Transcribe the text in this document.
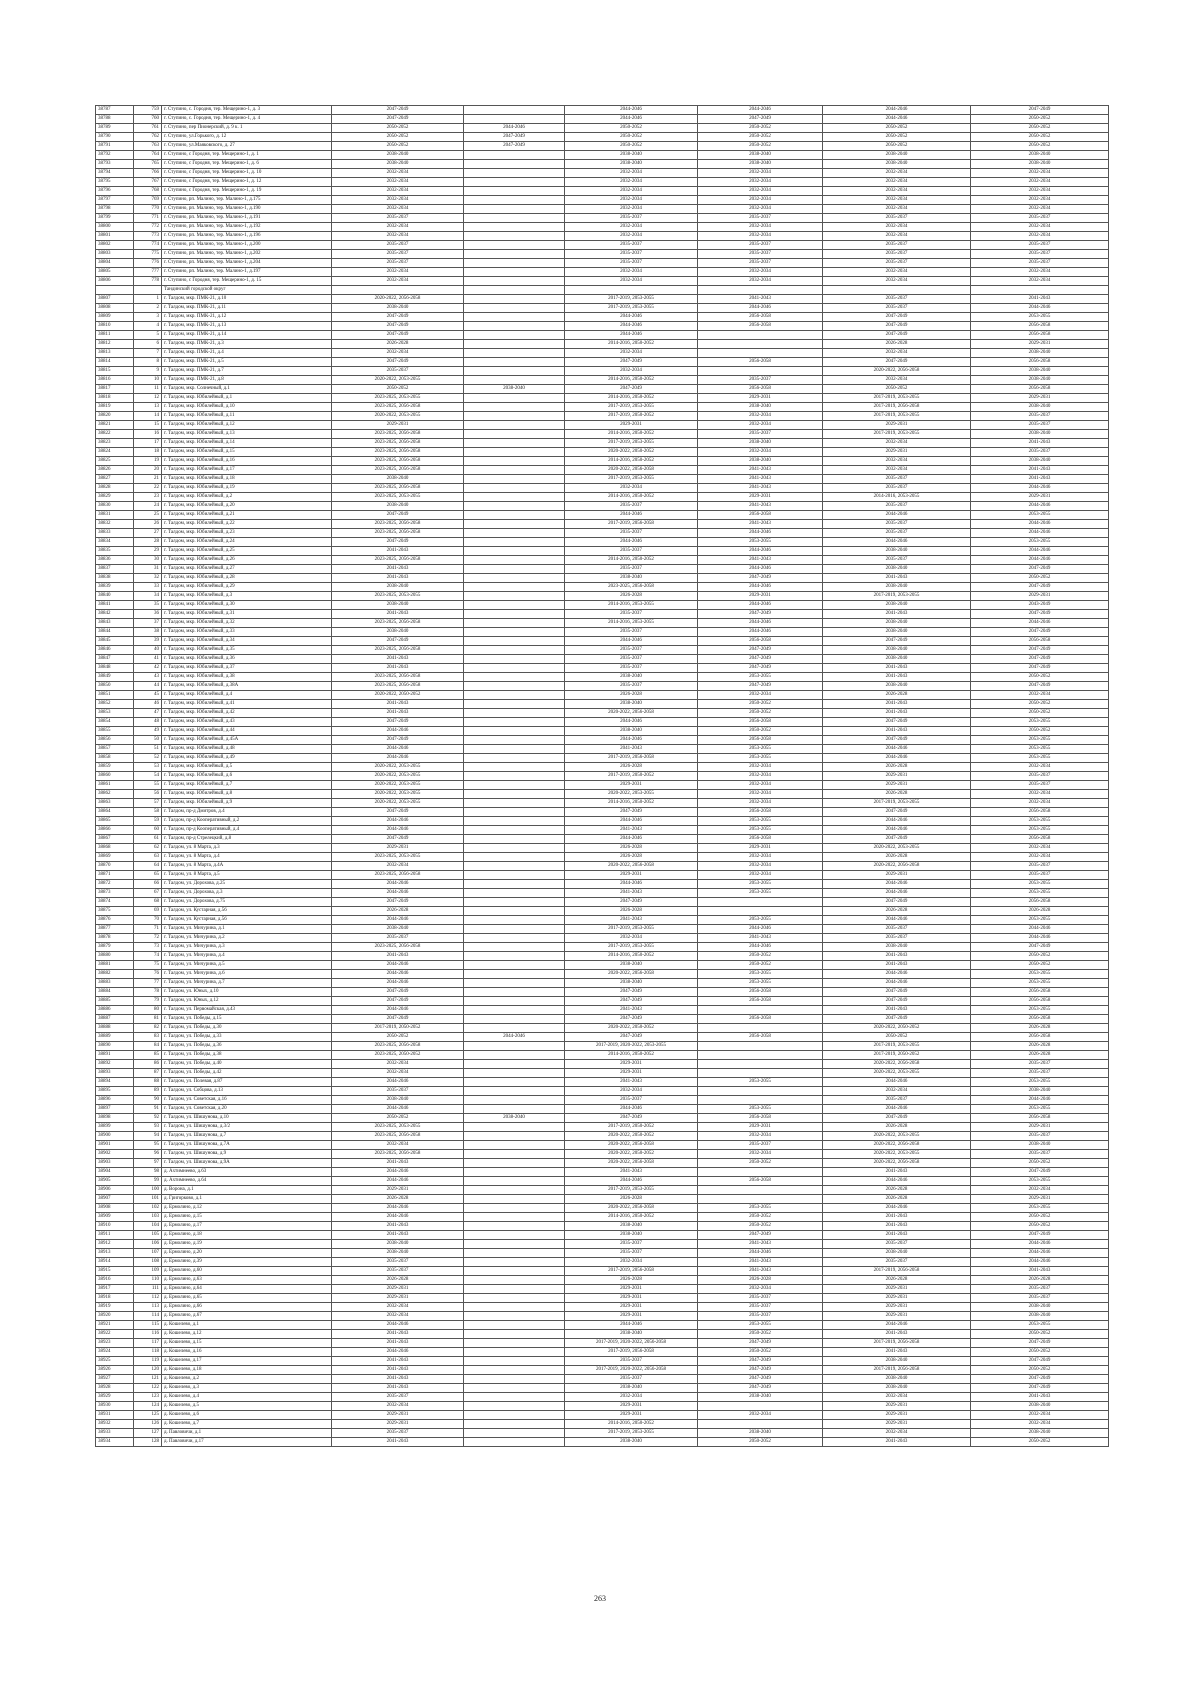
38787	759	г. Ступино, с. Городня, тер. Мещерино-1, д. 3	2047-2049		2044-2046	2044-2046	2044-2046	2047-2049
38788	760	г. Ступино, с. Городня, тер. Мещерино-1, д. 4	2047-2049		2044-2046	2047-2049	2044-2046	2050-2052
38789	761	г. Ступино, пер Пионерский, д. 9 к. 1	2050-2052	2044-2046	2050-2052	2050-2052	2050-2052	2050-2052
38790	762	г. Ступино, ул.Горького, д. 12	2050-2052	2047-2049	2050-2052	2050-2052	2050-2052	2050-2052
38791	763	г. Ступино, ул.Маяковского, д. 27	2050-2052	2047-2049	2050-2052	2050-2052	2050-2052	2050-2052
38792	764	г. Ступино, с Городня, тер. Мещерино-1, д. 1	2038-2040		2038-2040	2038-2040	2038-2040	2038-2040
38793	765	г. Ступино, с Городня, тер. Мещерино-1, д. 6	2038-2040		2038-2040	2038-2040	2038-2040	2038-2040
38794	766	г. Ступино, с Городня, тер. Мещерино-1, д. 10	2032-2034		2032-2034	2032-2034	2032-2034	2032-2034
38795	767	г. Ступино, с Городня, тер. Мещерино-1, д. 12	2032-2034		2032-2034	2032-2034	2032-2034	2032-2034
38796	768	г. Ступино, с Городня, тер. Мещерино-1, д. 19	2032-2034		2032-2034	2032-2034	2032-2034	2032-2034
38797	769	г. Ступино, рп. Малино, тер. Малино-1, д.175	2032-2034		2032-2034	2032-2034	2032-2034	2032-2034
38798	770	г. Ступино, рп. Малино, тер. Малино-1, д.190	2032-2034		2032-2034	2032-2034	2032-2034	2032-2034
38799	771	г. Ступино, рп. Малино, тер. Малино-1, д.191	2035-2037		2035-2037	2035-2037	2035-2037	2035-2037
38800	772	г. Ступино, рп. Малино, тер. Малино-1, д.192	2032-2034		2032-2034	2032-2034	2032-2034	2032-2034
38801	773	г. Ступино, рп. Малино, тер. Малино-1, д.196	2032-2034		2032-2034	2032-2034	2032-2034	2032-2034
38802	774	г. Ступино, рп. Малино, тер. Малино-1, д.200	2035-2037		2035-2037	2035-2037	2035-2037	2035-2037
38803	775	г. Ступино, рп. Малино, тер. Малино-1, д.202	2035-2037		2035-2037	2035-2037	2035-2037	2035-2037
38804	776	г. Ступино, рп. Малино, тер. Малино-1, д.204	2035-2037		2035-2037	2035-2037	2035-2037	2035-2037
38805	777	г. Ступино, рп. Малино, тер. Малино-1, д.197	2032-2034		2032-2034	2032-2034	2032-2034	2032-2034
38806	778	г. Ступино, с Городня, тер. Мещерино-1, д. 15	2032-2034		2032-2034	2032-2034	2032-2034	2032-2034
		Тандинский городской округ						
38807	1	г. Талдом, мкр. ПМК-21, д.10	2020-2022, 2056-2058		2017-2019, 2053-2055	2041-2043	2035-2037	2041-2043
38808	2	г. Талдом, мкр. ПМК-21, д.11	2038-2040		2017-2019, 2053-2055	2044-2046	2035-2037	2044-2046
38809	3	г. Талдом, мкр. ПМК-21, д.12	2047-2049		2044-2046	2056-2058	2047-2049	2053-2055
38810	4	г. Талдом, мкр. ПМК-21, д.13	2047-2049		2044-2046	2056-2058	2047-2049	2056-2058
38811	5	г. Талдом, мкр. ПМК-21, д.14	2047-2049		2044-2046		2047-2049	2056-2058
38812	6	г. Талдом, мкр. ПМК-21, д.3	2026-2028		2014-2016, 2050-2052		2026-2028	2029-2031
38813	7	г. Талдом, мкр. ПМК-21, д.4	2032-2034		2032-2034		2032-2034	2038-2040
38814	8	г. Талдом, мкр. ПМК-21, д.5	2047-2049		2047-2049	2056-2058	2047-2049	2056-2058
38815	9	г. Талдом, мкр. ПМК-21, д.7	2035-2037		2032-2034		2020-2022, 2056-2058	2038-2040
38816	10	г. Талдом, мкр. ПМК-21, д.8	2020-2022, 2053-2055		2014-2016, 2050-2052	2035-2037	2032-2034	2038-2040
38817	11	г. Талдом, мкр. Солнечный, д.1	2050-2052	2038-2040	2047-2049	2056-2058	2050-2052	2056-2058
38818	12	г. Талдом, мкр. Юбилейный, д.1	2023-2025, 2053-2055		2014-2016, 2050-2052	2029-2031	2017-2019, 2053-2055	2029-2031
38819	13	г. Талдом, мкр. Юбилейный, д.10	2023-2025, 2056-2058		2017-2019, 2053-2055	2038-2040	2017-2019, 2056-2058	2038-2040
38820	14	г. Талдом, мкр. Юбилейный, д.11	2020-2022, 2053-2055		2017-2019, 2050-2052	2032-2034	2017-2019, 2053-2055	2035-2037
38821	15	г. Талдом, мкр. Юбилейный, д.12	2029-2031		2029-2031	2032-2034	2029-2031	2035-2037
38822	16	г. Талдом, мкр. Юбилейный, д.13	2023-2025, 2056-2058		2014-2016, 2050-2052	2035-2037	2017-2019, 2053-2055	2038-2040
38823	17	г. Талдом, мкр. Юбилейный, д.14	2023-2025, 2056-2058		2017-2019, 2053-2055	2038-2040	2032-2034	2041-2043
38824	18	г. Талдом, мкр. Юбилейный, д.15	2023-2025, 2056-2058		2020-2022, 2050-2052	2032-2034	2029-2031	2035-2037
38825	19	г. Талдом, мкр. Юбилейный, д.16	2023-2025, 2056-2058		2014-2016, 2050-2052	2038-2040	2032-2034	2038-2040
38826	20	г. Талдом, мкр. Юбилейный, д.17	2023-2025, 2056-2058		2020-2022, 2056-2058	2041-2043	2032-2034	2041-2043
38827	21	г. Талдом, мкр. Юбилейный, д.18	2038-2040		2017-2019, 2053-2055	2041-2043	2035-2037	2041-2043
38828	22	г. Талдом, мкр. Юбилейный, д.19	2023-2025, 2056-2058		2032-2034	2041-2043	2035-2037	2044-2046
38829	23	г. Талдом, мкр. Юбилейный, д.2	2023-2025, 2053-2055		2014-2016, 2050-2052	2029-2031	2014-2016, 2053-2055	2029-2031
38830	24	г. Талдом, мкр. Юбилейный, д.20	2038-2040		2035-2037	2041-2043	2035-2037	2044-2046
38831	25	г. Талдом, мкр. Юбилейный, д.21	2047-2049		2044-2046	2056-2058	2044-2046	2053-2055
38832	26	г. Талдом, мкр. Юбилейный, д.22	2023-2025, 2056-2058		2017-2019, 2056-2058	2041-2043	2035-2037	2044-2046
38833	27	г. Талдом, мкр. Юбилейный, д.23	2023-2025, 2056-2058		2035-2037	2044-2046	2035-2037	2044-2046
38834	28	г. Талдом, мкр. Юбилейный, д.24	2047-2049		2044-2046	2053-2055	2044-2046	2053-2055
38835	29	г. Талдом, мкр. Юбилейный, д.25	2041-2043		2035-2037	2044-2046	2038-2040	2044-2046
38836	30	г. Талдом, мкр. Юбилейный, д.26	2023-2025, 2056-2058		2014-2016, 2050-2052	2041-2043	2035-2037	2044-2046
38837	31	г. Талдом, мкр. Юбилейный, д.27	2041-2043		2035-2037	2044-2046	2038-2040	2047-2049
38838	32	г. Талдом, мкр. Юбилейный, д.28	2041-2043		2038-2040	2047-2049	2041-2043	2050-2052
38839	33	г. Талдом, мкр. Юбилейный, д.29	2038-2040		2023-2025, 2056-2058	2044-2046	2038-2040	2047-2049
38840	34	г. Талдом, мкр. Юбилейный, д.3	2023-2025, 2053-2055		2026-2028	2029-2031	2017-2019, 2053-2055	2029-2031
38841	35	г. Талдом, мкр. Юбилейный, д.30	2038-2040		2014-2016, 2053-2055	2044-2046	2038-2040	2043-2049
38842	36	г. Талдом, мкр. Юбилейный, д.31	2041-2043		2035-2037	2047-2049	2041-2043	2047-2049
38843	37	г. Талдом, мкр. Юбилейный, д.32	2023-2025, 2056-2058		2014-2016, 2053-2055	2044-2046	2038-2040	2044-2046
38844	38	г. Талдом, мкр. Юбилейный, д.33	2038-2040		2035-2037	2044-2046	2038-2040	2047-2049
38845	39	г. Талдом, мкр. Юбилейный, д.34	2047-2049		2044-2046	2056-2058	2047-2049	2056-2058
38846	40	г. Талдом, мкр. Юбилейный, д.35	2023-2025, 2056-2058		2035-2037	2047-2049	2038-2040	2047-2049
38847	41	г. Талдом, мкр. Юбилейный, д.36	2041-2043		2035-2037	2047-2049	2038-2040	2047-2049
38848	42	г. Талдом, мкр. Юбилейный, д.37	2041-2043		2035-2037	2047-2049	2041-2043	2047-2049
38849	43	г. Талдом, мкр. Юбилейный, д.38	2023-2025, 2056-2058		2038-2040	2053-2055	2041-2043	2050-2052
38850	44	г. Талдом, мкр. Юбилейный, д.38А	2023-2025, 2056-2058		2035-2037	2047-2049	2038-2040	2047-2049
38851	45	г. Талдом, мкр. Юбилейный, д.4	2020-2022, 2050-2052		2026-2028	2032-2034	2026-2028	2032-2034
38852	46	г. Талдом, мкр. Юбилейный, д.41	2041-2043		2038-2040	2050-2052	2041-2043	2050-2052
38853	47	г. Талдом, мкр. Юбилейный, д.42	2041-2043		2020-2022, 2056-2058	2050-2052	2041-2043	2050-2052
38854	48	г. Талдом, мкр. Юбилейный, д.43	2047-2049		2044-2046	2056-2058	2047-2049	2053-2055
38855	49	г. Талдом, мкр. Юбилейный, д.44	2044-2046		2038-2040	2050-2052	2041-2043	2050-2052
38856	50	г. Талдом, мкр. Юбилейный, д.45А	2047-2049		2044-2046	2056-2058	2047-2049	2053-2055
38857	51	г. Талдом, мкр. Юбилейный, д.48	2044-2046		2041-2043	2053-2055	2044-2046	2053-2055
38858	52	г. Талдом, мкр. Юбилейный, д.49	2044-2046		2017-2019, 2056-2058	2053-2055	2044-2046	2053-2055
38859	53	г. Талдом, мкр. Юбилейный, д.5	2020-2022, 2053-2055		2026-2028	2032-2034	2026-2028	2032-2034
38860	54	г. Талдом, мкр. Юбилейный, д.6	2020-2022, 2053-2055		2017-2019, 2050-2052	2032-2034	2029-2031	2035-2037
38861	55	г. Талдом, мкр. Юбилейный, д.7	2020-2022, 2053-2055		2029-2031	2032-2034	2029-2031	2035-2037
38862	56	г. Талдом, мкр. Юбилейный, д.8	2020-2022, 2053-2055		2020-2022, 2053-2055	2032-2034	2026-2028	2032-2034
38863	57	г. Талдом, мкр. Юбилейный, д.9	2020-2022, 2053-2055		2014-2016, 2050-2052	2032-2034	2017-2019, 2053-2055	2032-2034
38864	58	г. Талдом, пр-д Дмитров, д.4	2047-2049		2047-2049	2056-2058	2047-2049	2056-2058
38865	59	г. Талдом, пр-д Кооперативный, д.2	2044-2046		2044-2046	2053-2055	2044-2046	2053-2055
38866	60	г. Талдом, пр-д Кооперативный, д.4	2044-2046		2041-2043	2053-2055	2044-2046	2053-2055
38867	61	г. Талдом, пр-д Стрелецкий, д.8	2047-2049		2044-2046	2056-2058	2047-2049	2056-2058
38868	62	г. Талдом, ул. 8 Марта, д.3	2029-2031		2026-2028	2029-2031	2020-2022, 2053-2055	2032-2034
38869	63	г. Талдом, ул. 8 Марта, д.4	2023-2025, 2053-2055		2026-2028	2032-2034	2026-2028	2032-2034
38870	64	г. Талдом, ул. 8 Марта, д.4А	2032-2034		2020-2022, 2056-2058	2032-2034	2020-2022, 2056-2058	2035-2037
38871	65	г. Талдом, ул. 8 Марта, д.5	2023-2025, 2056-2058		2029-2031	2032-2034	2029-2031	2035-2037
38872	66	г. Талдом, ул. Дорохова, д.25	2044-2046		2044-2046	2053-2055	2044-2046	2053-2055
38873	67	г. Талдом, ул. Дорохова, д.3	2044-2046		2041-2043	2053-2055	2044-2046	2053-2055
38874	68	г. Талдом, ул. Дорохова, д.75	2047-2049		2047-2049		2047-2049	2056-2058
38875	69	г. Талдом, ул. Кустарная, д.56	2026-2028		2026-2028		2026-2028	2026-2028
38876	70	г. Талдом, ул. Кустарная, д.56	2044-2046		2041-2043	2053-2055	2044-2046	2053-2055
38877	71	г. Талдом, ул. Мичурина, д.1	2038-2040		2017-2019, 2053-2055	2044-2046	2035-2037	2044-2046
38878	72	г. Талдом, ул. Мичурина, д.2	2035-2037		2032-2034	2041-2043	2035-2037	2044-2046
38879	73	г. Талдом, ул. Мичурина, д.3	2023-2025, 2056-2058		2017-2019, 2053-2055	2044-2046	2038-2040	2047-2049
38880	74	г. Талдом, ул. Мичурина, д.4	2041-2043		2014-2016, 2050-2052	2050-2052	2041-2043	2050-2052
38881	75	г. Талдом, ул. Мичурина, д.5	2044-2046		2038-2040	2050-2052	2041-2043	2050-2052
38882	76	г. Талдом, ул. Мичурина, д.6	2044-2046		2020-2022, 2056-2058	2053-2055	2044-2046	2053-2055
38883	77	г. Талдом, ул. Мичурина, д.7	2044-2046		2038-2040	2053-2055	2044-2046	2053-2055
38884	78	г. Талдом, ул. Юных, д.10	2047-2049		2047-2049	2056-2058	2047-2049	2056-2058
38885	79	г. Талдом, ул. Юных, д.12	2047-2049		2047-2049	2056-2058	2047-2049	2056-2058
38886	80	г. Талдом, ул. Первомайская, д.43	2044-2046		2041-2043		2041-2043	2053-2055
38887	81	г. Талдом, ул. Победы, д.15	2047-2049		2047-2049	2056-2058	2047-2049	2056-2058
38888	82	г. Талдом, ул. Победы, д.30	2017-2019, 2050-2052		2020-2022, 2050-2052		2020-2022, 2050-2052	2026-2028
38889	83	г. Талдом, ул. Победы, д.33	2050-2052	2044-2046	2047-2049	2056-2058	2050-2052	2056-2058
38890	84	г. Талдом, ул. Победы, д.36	2023-2025, 2056-2058		2017-2019, 2020-2022, 2053-2055		2017-2019, 2053-2055	2026-2028
38891	85	г. Талдом, ул. Победы, д.38	2023-2025, 2050-2052		2014-2016, 2050-2052		2017-2019, 2050-2052	2026-2028
38892	86	г. Талдом, ул. Победы, д.40	2032-2034		2029-2031		2020-2022, 2056-2058	2035-2037
38893	87	г. Талдом, ул. Победы, д.42	2032-2034		2029-2031		2020-2022, 2053-2055	2035-2037
38894	88	г. Талдом, ул. Полевая, д.87	2044-2046		2041-2043	2053-2055	2044-2046	2053-2055
38895	89	г. Талдом, ул. Собцова, д.13	2035-2037		2032-2034		2032-2034	2038-2040
38896	90	г. Талдом, ул. Советская, д.16	2038-2040		2035-2037		2035-2037	2044-2046
38897	91	г. Талдом, ул. Советская, д.20	2044-2046		2044-2046	2053-2055	2044-2046	2053-2055
38898	92	г. Талдом, ул. Шишунова, д.10	2050-2052	2038-2040	2047-2049	2056-2058	2047-2049	2056-2058
38899	93	г. Талдом, ул. Шишунова, д.3/2	2023-2025, 2053-2055		2017-2019, 2050-2052	2029-2031	2026-2028	2029-2031
38900	94	г. Талдом, ул. Шишунова, д.7	2023-2025, 2056-2058		2020-2022, 2050-2052	2032-2034	2020-2022, 2053-2055	2035-2037
38901	95	г. Талдом, ул. Шишунова, д.7А	2032-2034		2020-2022, 2056-2058	2035-2037	2020-2022, 2056-2058	2038-2040
38902	96	г. Талдом, ул. Шишунова, д.9	2023-2025, 2056-2058		2020-2022, 2050-2052	2032-2034	2020-2022, 2053-2055	2035-2037
38903	97	г. Талдом, ул. Шишунова, д.9А	2041-2043		2020-2022, 2056-2058	2050-2052	2020-2022, 2056-2058	2050-2052
38904	98	д. Ахтимнеево, д.63	2044-2046		2041-2043		2041-2043	2047-2049
38905	99	д. Ахтимнеево, д.64	2044-2046		2044-2046	2056-2058	2044-2046	2053-2055
38906	100	д. Ворона, д.1	2029-2031		2017-2019, 2053-2055		2026-2028	2032-2034
38907	101	д. Григорково, д.1	2026-2028		2026-2028		2026-2028	2029-2031
38908	102	д. Ермолино, д.12	2044-2046		2020-2022, 2056-2058	2053-2055	2044-2046	2053-2055
38909	103	д. Ермолино, д.15	2044-2046		2014-2016, 2050-2052	2050-2052	2041-2043	2050-2052
38910	104	д. Ермолино, д.17	2041-2043		2038-2040	2050-2052	2041-2043	2050-2052
38911	105	д. Ермолино, д.18	2041-2043		2038-2040	2047-2049	2041-2043	2047-2049
38912	106	д. Ермолино, д.19	2038-2040		2035-2037	2041-2043	2035-2037	2044-2046
38913	107	д. Ермолино, д.20	2038-2040		2035-2037	2044-2046	2038-2040	2044-2046
38914	108	д. Ермолино, д.39	2035-2037		2032-2034	2041-2043	2035-2037	2044-2046
38915	109	д. Ермолино, д.60	2035-2037		2017-2019, 2056-2058	2041-2043	2017-2019, 2056-2058	2041-2043
38916	110	д. Ермолино, д.63	2026-2028		2026-2028	2026-2028	2026-2028	2026-2028
38917	111	д. Ермолино, д.64	2029-2031		2029-2031	2032-2034	2029-2031	2035-2037
38918	112	д. Ермолино, д.65	2029-2031		2029-2031	2035-2037	2029-2031	2035-2037
38919	113	д. Ермолино, д.66	2032-2034		2029-2031	2035-2037	2029-2031	2038-2040
38920	114	д. Ермолино, д.67	2032-2034		2029-2031	2035-2037	2029-2031	2038-2040
38921	115	д. Кошелево, д.1	2044-2046		2044-2046	2053-2055	2044-2046	2053-2055
38922	116	д. Кошелево, д.12	2041-2043		2038-2040	2050-2052	2041-2043	2050-2052
38923	117	д. Кошелево, д.15	2041-2043		2017-2019, 2020-2022, 2056-2058	2047-2049	2017-2019, 2056-2058	2047-2049
38924	118	д. Кошелево, д.16	2044-2046		2017-2019, 2056-2058	2050-2052	2041-2043	2050-2052
38925	119	д. Кошелево, д.17	2041-2043		2035-2037	2047-2049	2038-2040	2047-2049
38926	120	д. Кошелево, д.18	2041-2043		2017-2019, 2020-2022, 2056-2058	2047-2049	2017-2019, 2056-2058	2050-2052
38927	121	д. Кошелево, д.2	2041-2043		2035-2037	2047-2049	2038-2040	2047-2049
38928	122	д. Кошелево, д.3	2041-2043		2038-2040	2047-2049	2038-2040	2047-2049
38929	123	д. Кошелево, д.4	2035-2037		2032-2034	2038-2040	2032-2034	2041-2043
38930	124	д. Кошелево, д.5	2032-2034		2029-2031		2029-2031	2038-2040
38931	125	д. Кошелево, д.6	2029-2031		2029-2031	2032-2034	2029-2031	2032-2034
38932	126	д. Кошелево, д.7	2029-2031		2014-2016, 2050-2052		2029-2031	2032-2034
38933	127	д. Павловичи, д.1	2035-2037		2017-2019, 2053-2055	2038-2040	2032-2034	2038-2040
38934	128	д. Павловичи, д.17	2041-2043		2038-2040	2050-2052	2041-2043	2050-2052
263
